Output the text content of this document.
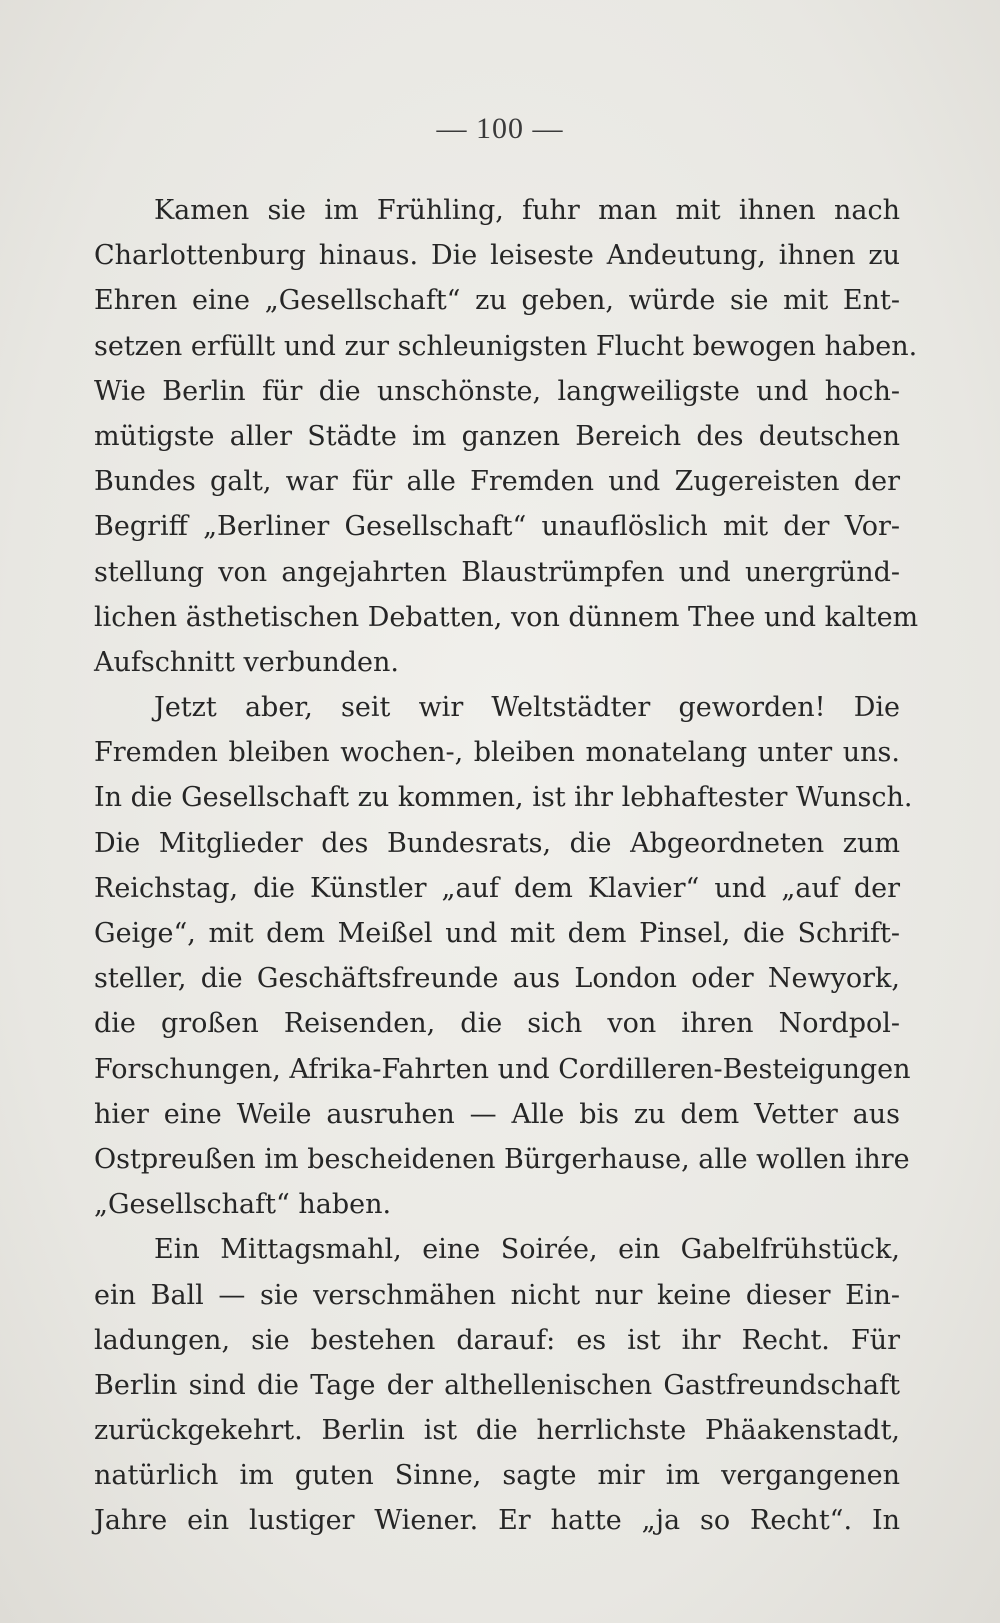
— 100 —
Kamen sie im Frühling, fuhr man mit ihnen nach
Charlottenburg hinaus. Die leiseste Andeutung, ihnen zu
Ehren eine „Gesellschaft“ zu geben, würde sie mit Ent-
setzen erfüllt und zur schleunigsten Flucht bewogen haben.
Wie Berlin für die unschönste, langweiligste und hoch-
mütigste aller Städte im ganzen Bereich des deutschen
Bundes galt, war für alle Fremden und Zugereisten der
Begriff „Berliner Gesellschaft“ unauflöslich mit der Vor-
stellung von angejahrten Blaustrümpfen und unergründ-
lichen ästhetischen Debatten, von dünnem Thee und kaltem
Aufschnitt verbunden.
Jetzt aber, seit wir Weltstädter geworden! Die
Fremden bleiben wochen-, bleiben monatelang unter uns.
In die Gesellschaft zu kommen, ist ihr lebhaftester Wunsch.
Die Mitglieder des Bundesrats, die Abgeordneten zum
Reichstag, die Künstler „auf dem Klavier“ und „auf der
Geige“, mit dem Meißel und mit dem Pinsel, die Schrift-
steller, die Geschäftsfreunde aus London oder Newyork,
die großen Reisenden, die sich von ihren Nordpol-
Forschungen, Afrika-Fahrten und Cordilleren-Besteigungen
hier eine Weile ausruhen — Alle bis zu dem Vetter aus
Ostpreußen im bescheidenen Bürgerhause, alle wollen ihre
„Gesellschaft“ haben.
Ein Mittagsmahl, eine Soirée, ein Gabelfrühstück,
ein Ball — sie verschmähen nicht nur keine dieser Ein-
ladungen, sie bestehen darauf: es ist ihr Recht. Für
Berlin sind die Tage der althellenischen Gastfreundschaft
zurückgekehrt. Berlin ist die herrlichste Phäakenstadt,
natürlich im guten Sinne, sagte mir im vergangenen
Jahre ein lustiger Wiener. Er hatte „ja so Recht“. In
